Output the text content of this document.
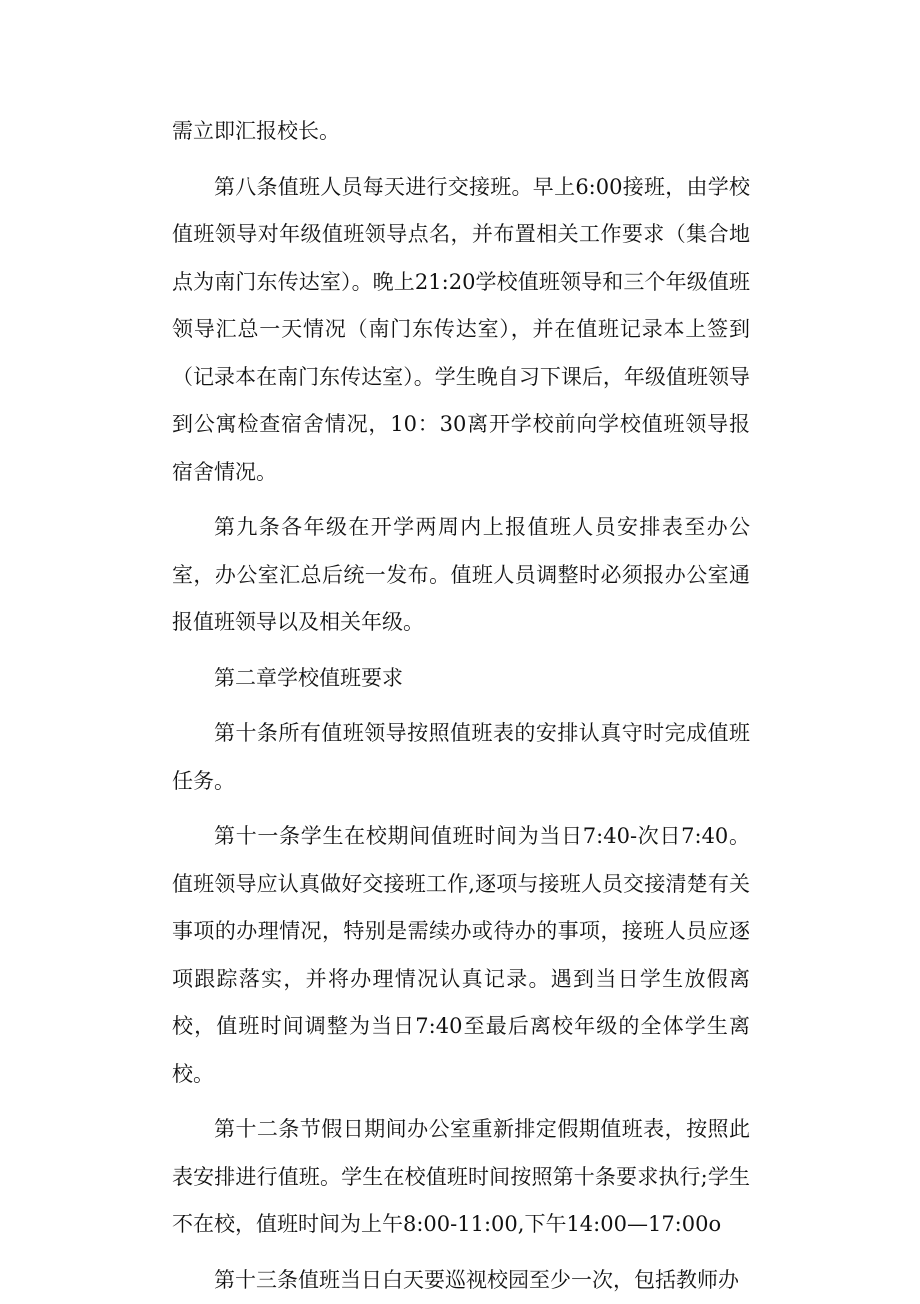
需立即汇报校长。

第八条值班人员每天进行交接班。早上6:00接班，由学校值班领导对年级值班领导点名，并布置相关工作要求（集合地点为南门东传达室）。晚上21:20学校值班领导和三个年级值班领导汇总一天情况（南门东传达室），并在值班记录本上签到（记录本在南门东传达室）。学生晚自习下课后，年级值班领导到公寓检查宿舍情况，10：30离开学校前向学校值班领导报宿舍情况。

第九条各年级在开学两周内上报值班人员安排表至办公室，办公室汇总后统一发布。值班人员调整时必须报办公室通报值班领导以及相关年级。

第二章学校值班要求

第十条所有值班领导按照值班表的安排认真守时完成值班任务。

第十一条学生在校期间值班时间为当日7:40-次日7:40。值班领导应认真做好交接班工作,逐项与接班人员交接清楚有关事项的办理情况，特别是需续办或待办的事项，接班人员应逐项跟踪落实，并将办理情况认真记录。遇到当日学生放假离校，值班时间调整为当日7:40至最后离校年级的全体学生离校。

第十二条节假日期间办公室重新排定假期值班表，按照此表安排进行值班。学生在校值班时间按照第十条要求执行;学生不在校，值班时间为上午8:00-11:00,下午14:00—17:00o

第十三条值班当日白天要巡视校园至少一次，包括教师办
